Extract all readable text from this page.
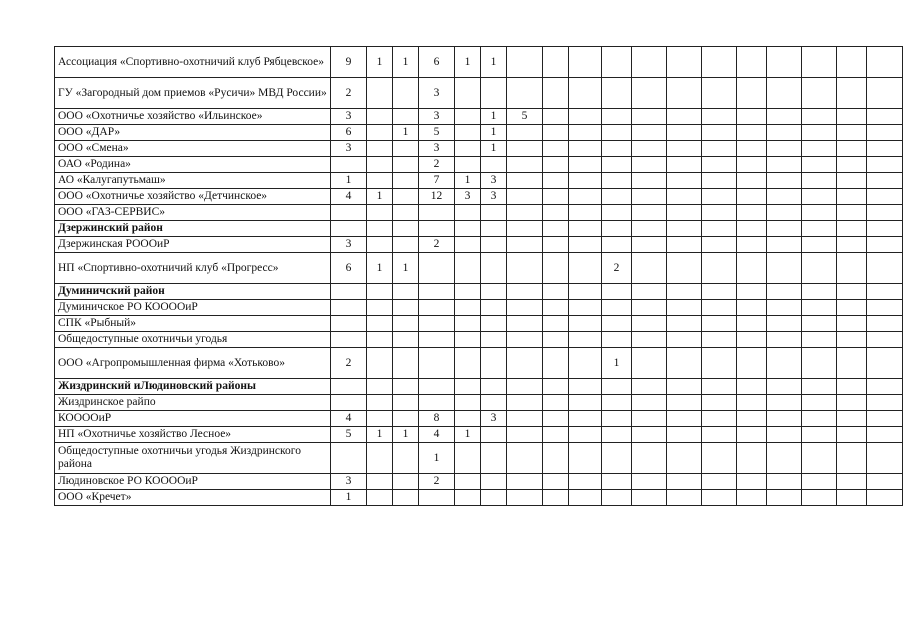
Ассоциация «Спортивно-охотничий клуб Рябцевское»	9	1	1	6	1	1												
ГУ «Загородный дом приемов «Русичи» МВД России»	2			3														
ООО «Охотничье хозяйство «Ильинское»	3			3		1	5											
ООО «ДАР»	6		1	5		1												
ООО «Смена»	3			3		1												
ОАО «Родина»				2														
АО «Калугапутьмаш»	1			7	1	3												
ООО «Охотничье хозяйство «Детчинское»	4	1		12	3	3												
ООО «ГАЗ-СЕРВИС»																		
Дзержинский район																		
Дзержинская РОООиР	3			2														
НП «Спортивно-охотничий клуб «Прогресс»	6	1	1							2								
Думиничский район																		
Думиничское РО КООООиР																		
СПК «Рыбный»																		
Общедоступные охотничьи угодья																		
ООО «Агропромышленная фирма «Хотьково»	2									1								
Жиздринский иЛюдиновский районы																		
Жиздринское райпо																		
КООООиР	4			8		3												
НП «Охотничье хозяйство Лесное»	5	1	1	4	1													
Общедоступные охотничьи угодья Жиздринского района				1														
Людиновское РО КООООиР	3			2														
ООО «Кречет»	1																	
